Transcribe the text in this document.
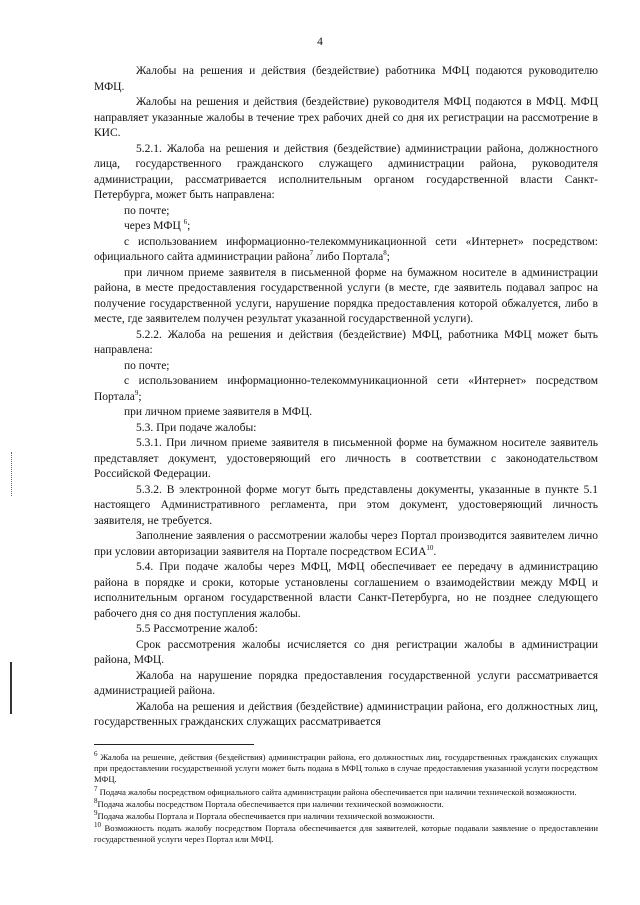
4

Жалобы на решения и действия (бездействие) работника МФЦ подаются руководителю МФЦ.

Жалобы на решения и действия (бездействие) руководителя МФЦ подаются в МФЦ. МФЦ направляет указанные жалобы в течение трех рабочих дней со дня их регистрации на рассмотрение в КИС.

5.2.1. Жалоба на решения и действия (бездействие) администрации района, должностного лица, государственного гражданского служащего администрации района, руководителя администрации, рассматривается исполнительным органом государственной власти Санкт-Петербурга, может быть направлена:

по почте;

через МФЦ $^6$;

с использованием информационно-телекоммуникационной сети «Интернет» посредством: официального сайта администрации района$^7$ либо Портала$^8$;

при личном приеме заявителя в письменной форме на бумажном носителе в администрации района, в месте предоставления государственной услуги (в месте, где заявитель подавал запрос на получение государственной услуги, нарушение порядка предоставления которой обжалуется, либо в месте, где заявителем получен результат указанной государственной услуги).

5.2.2. Жалоба на решения и действия (бездействие) МФЦ, работника МФЦ может быть направлена:

по почте;

с использованием информационно-телекоммуникационной сети «Интернет» посредством Портала$^9$;

при личном приеме заявителя в МФЦ.

5.3. При подаче жалобы:

5.3.1. При личном приеме заявителя в письменной форме на бумажном носителе заявитель представляет документ, удостоверяющий его личность в соответствии с законодательством Российской Федерации.

5.3.2. В электронной форме могут быть представлены документы, указанные в пункте 5.1 настоящего Административного регламента, при этом документ, удостоверяющий личность заявителя, не требуется.

Заполнение заявления о рассмотрении жалобы через Портал производится заявителем лично при условии авторизации заявителя на Портале посредством ЕСИА$^{10}$.

5.4. При подаче жалобы через МФЦ, МФЦ обеспечивает ее передачу в администрацию района в порядке и сроки, которые установлены соглашением о взаимодействии между МФЦ и исполнительным органом государственной власти Санкт-Петербурга, но не позднее следующего рабочего дня со дня поступления жалобы.

5.5 Рассмотрение жалоб:

Срок рассмотрения жалобы исчисляется со дня регистрации жалобы в администрации района, МФЦ.

Жалоба на нарушение порядка предоставления государственной услуги рассматривается администрацией района.

Жалоба на решения и действия (бездействие) администрации района, его должностных лиц, государственных гражданских служащих рассматривается

$^6$ Жалоба на решение, действия (бездействия) администрации района, его должностных лиц, государственных гражданских служащих при предоставлении государственной услуги может быть подана в МФЦ только в случае предоставления указанной услуги посредством МФЦ.

$^7$ Подача жалобы посредством официального сайта администрации района обеспечивается при наличии технической возможности.

$^8$Подача жалобы посредством Портала обеспечивается при наличии технической возможности.

$^9$Подача жалобы Портала и Портала обеспечивается при наличии технической возможности.

$^{10}$ Возможность подать жалобу посредством Портала обеспечивается для заявителей, которые подавали заявление о предоставлении государственной услуги через Портал или МФЦ.
